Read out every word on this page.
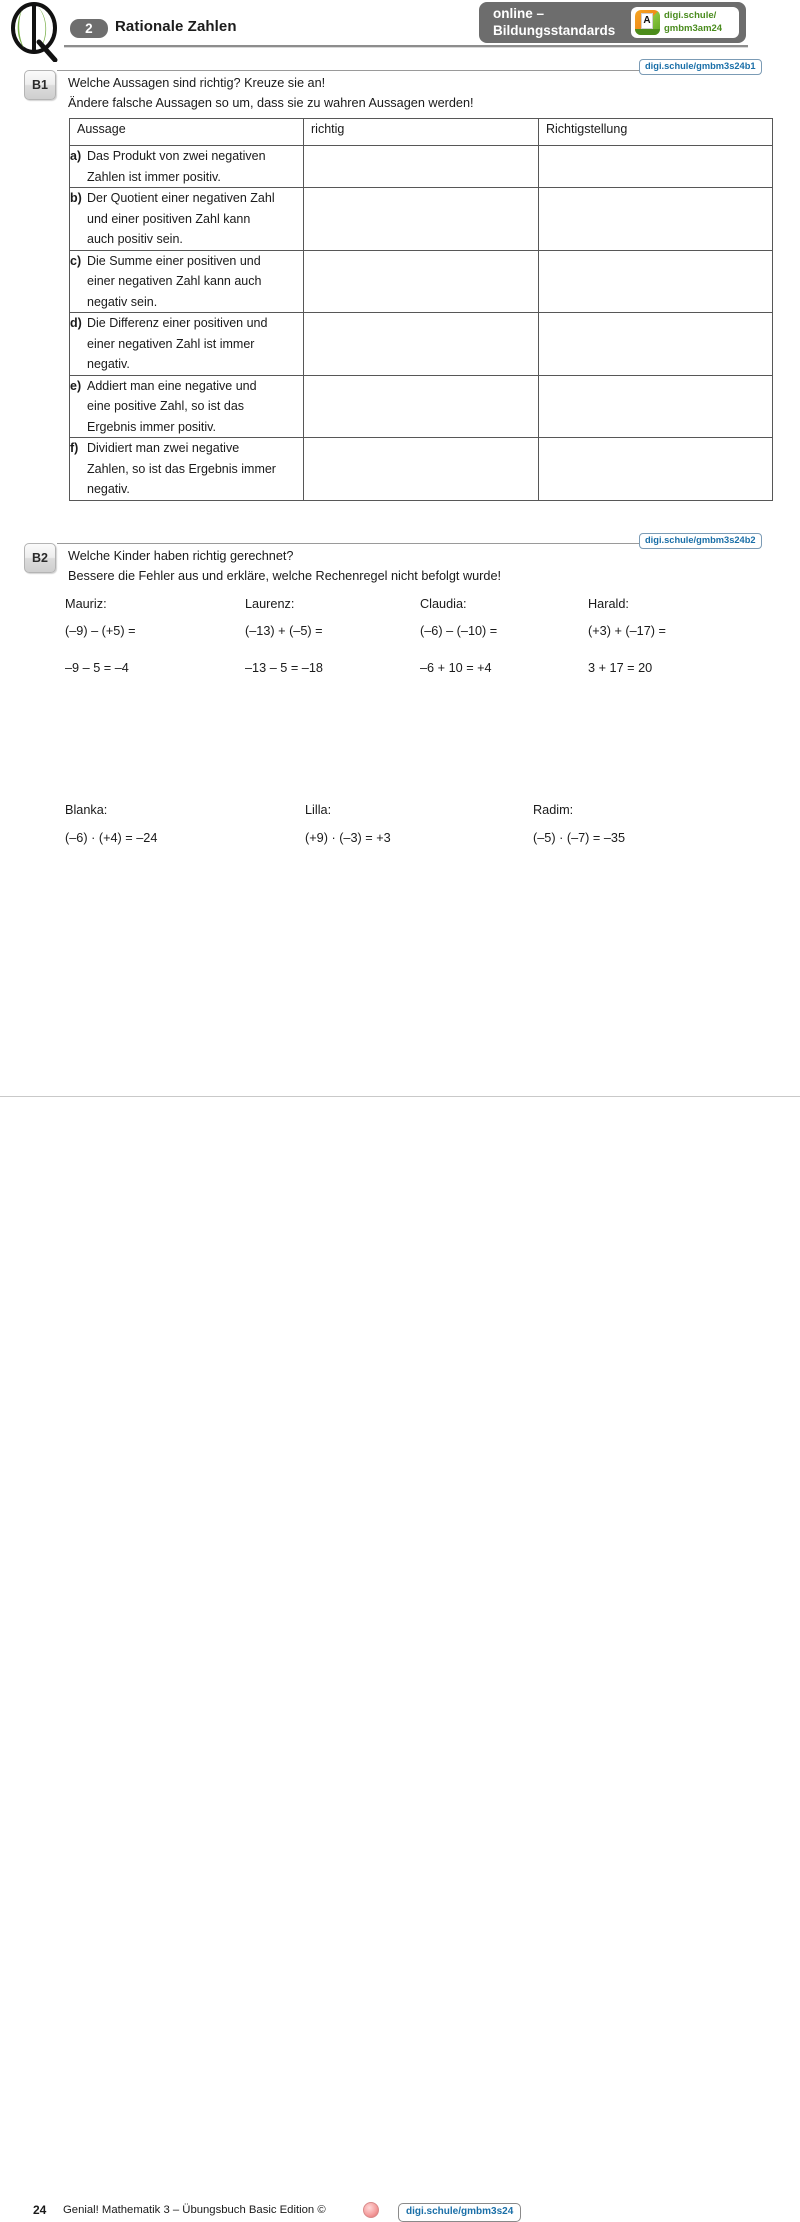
2	Rationale Zahlen
online –
Bildungsstandards
A digi.schule/
gmbm3am24
B1
digi.schule/gmbm3s24b1
Welche Aussagen sind richtig? Kreuze sie an!
Ändere falsche Aussagen so um, dass sie zu wahren Aussagen werden!
Aussage	richtig	Richtigstellung
a) Das Produkt von zwei negativen Zahlen ist immer positiv.		
b) Der Quotient einer negativen Zahl und einer positiven Zahl kann auch positiv sein.		
c) Die Summe einer positiven und einer negativen Zahl kann auch negativ sein.		
d) Die Differenz einer positiven und einer negativen Zahl ist immer negativ.		
e) Addiert man eine negative und eine positive Zahl, so ist das Ergebnis immer positiv.		
f) Dividiert man zwei negative Zahlen, so ist das Ergebnis immer negativ.		
B2
digi.schule/gmbm3s24b2
Welche Kinder haben richtig gerechnet?
Bessere die Fehler aus und erkläre, welche Rechenregel nicht befolgt wurde!
Mauriz:
(–9) – (+5) =
–9 – 5 = –4
Laurenz:
(–13) + (–5) =
–13 – 5 = –18
Claudia:
(–6) – (–10) =
–6 + 10 = +4
Harald:
(+3) + (–17) =
3 + 17 = 20
Blanka:
(–6) · (+4) = –24
Lilla:
(+9) · (–3) = +3
Radim:
(–5) · (–7) = –35
24 Genial! Mathematik 3 – Übungsbuch Basic Edition ©	digi.schule/gmbm3s24
